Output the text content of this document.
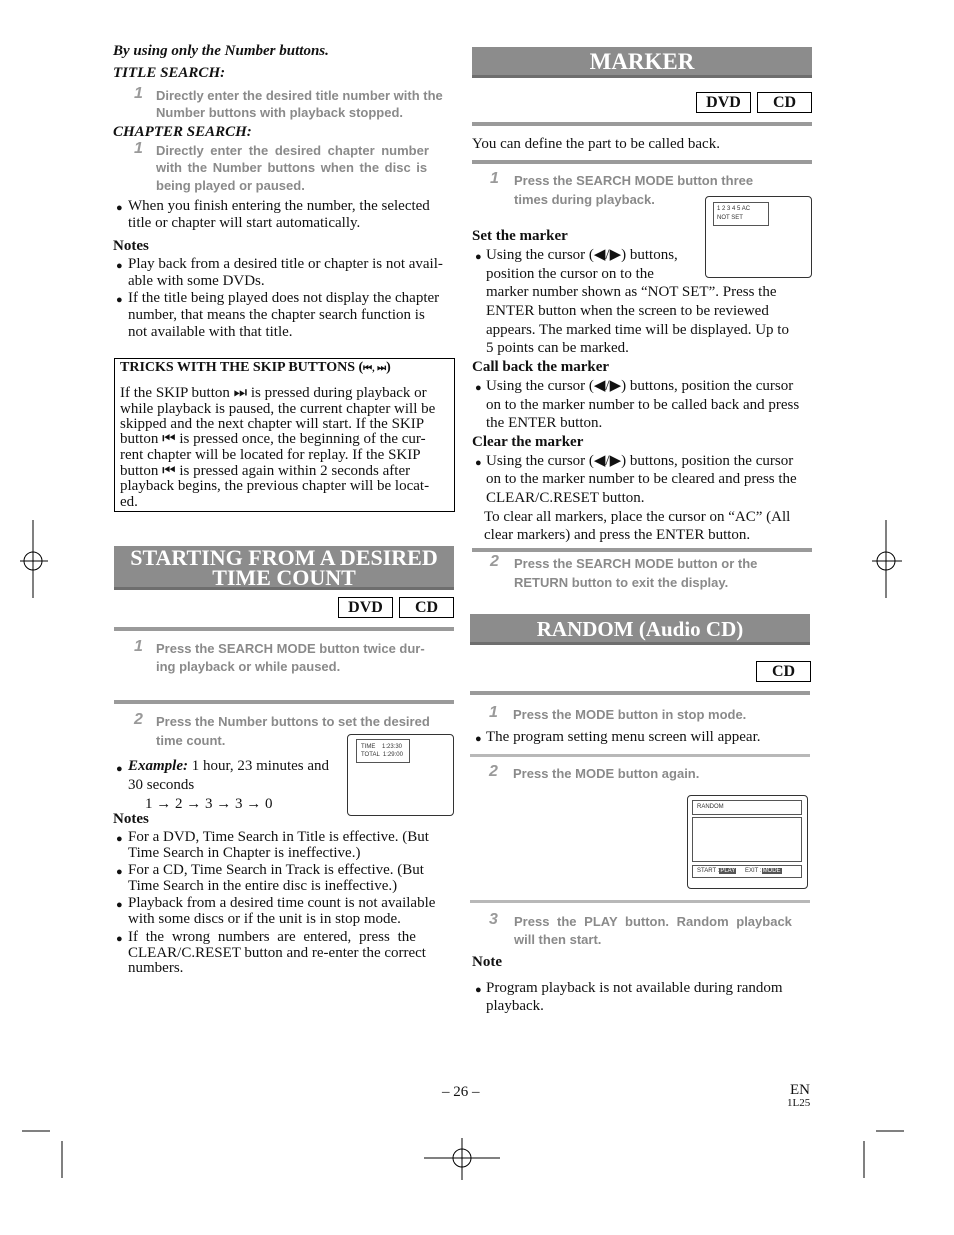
By using only the Number buttons.
TITLE SEARCH:
1 Directly enter the desired title number with the
Number buttons with playback stopped.
CHAPTER SEARCH:
1 Directly enter the desired chapter number
with the Number buttons when the disc is
being played or paused.
● When you finish entering the number, the selected
title or chapter will start automatically.
Notes
● Play back from a desired title or chapter is not avail-
able with some DVDs.
● If the title being played does not display the chapter
number, that means the chapter search function is
not available with that title.
TRICKS WITH THE SKIP BUTTONS (⏮, ⏭)
If the SKIP button ⏭ is pressed during playback or
while playback is paused, the current chapter will be
skipped and the next chapter will start. If the SKIP
button ⏮ is pressed once, the beginning of the cur-
rent chapter will be located for replay. If the SKIP
button ⏮ is pressed again within 2 seconds after
playback begins, the previous chapter will be locat-
ed.
STARTING FROM A DESIRED
TIME COUNT
DVD	CD
1 Press the SEARCH MODE button twice dur-
ing playback or while paused.
2 Press the Number buttons to set the desired
time count.	TIME    1:23:30
TOTAL  1:29:00
● Example: 1 hour, 23 minutes and
30 seconds
1 → 2 → 3 → 3 → 0
Notes
● For a DVD, Time Search in Title is effective. (But
Time Search in Chapter is ineffective.)
● For a CD, Time Search in Track is effective. (But
Time Search in the entire disc is ineffective.)
● Playback from a desired time count is not available
with some discs or if the unit is in stop mode.
● If the wrong numbers are entered, press the
CLEAR/C.RESET button and re-enter the correct
numbers.
MARKER
DVD	CD
You can define the part to be called back.
1 Press the SEARCH MODE button three
times during playback.
1 2 3 4 5 AC
NOT SET
Set the marker
● Using the cursor (◀/▶) buttons,
position the cursor on to the
marker number shown as “NOT SET”. Press the
ENTER button when the screen to be reviewed
appears. The marked time will be displayed. Up to
5 points can be marked.
Call back the marker
● Using the cursor (◀/▶) buttons, position the cursor
on to the marker number to be called back and press
the ENTER button.
Clear the marker
● Using the cursor (◀/▶) buttons, position the cursor
on to the marker number to be cleared and press the
CLEAR/C.RESET button.
To clear all markers, place the cursor on “AC” (All
clear markers) and press the ENTER button.
2 Press the SEARCH MODE button or the
RETURN button to exit the display.
RANDOM (Audio CD)
CD
1 Press the MODE button in stop mode.
● The program setting menu screen will appear.
2 Press the MODE button again.
RANDOM
START :PLAY EXIT :MODE
3 Press the PLAY button. Random playback
will then start.
Note
● Program playback is not available during random
playback.
– 26 –	EN
1L25
